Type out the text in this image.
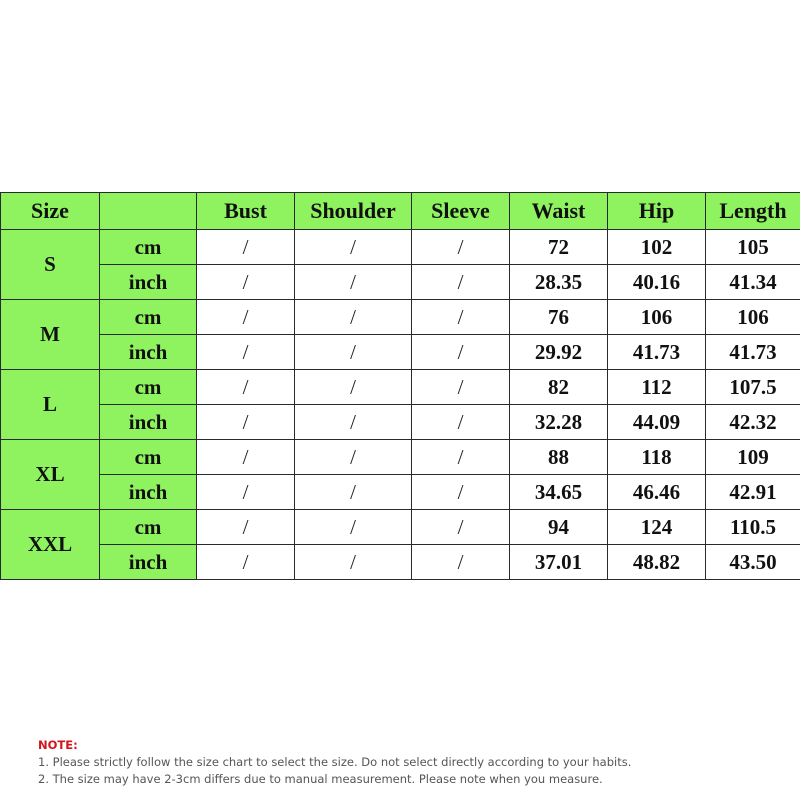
Size		Bust	Shoulder	Sleeve	Waist	Hip	Length
S	cm	/	/	/	72	102	105
	inch	/	/	/	28.35	40.16	41.34
M	cm	/	/	/	76	106	106
	inch	/	/	/	29.92	41.73	41.73
L	cm	/	/	/	82	112	107.5
	inch	/	/	/	32.28	44.09	42.32
XL	cm	/	/	/	88	118	109
	inch	/	/	/	34.65	46.46	42.91
XXL	cm	/	/	/	94	124	110.5
	inch	/	/	/	37.01	48.82	43.50
NOTE:
1. Please strictly follow the size chart to select the size. Do not select directly according to your habits.
2. The size may have 2-3cm differs due to manual measurement. Please note when you measure.
